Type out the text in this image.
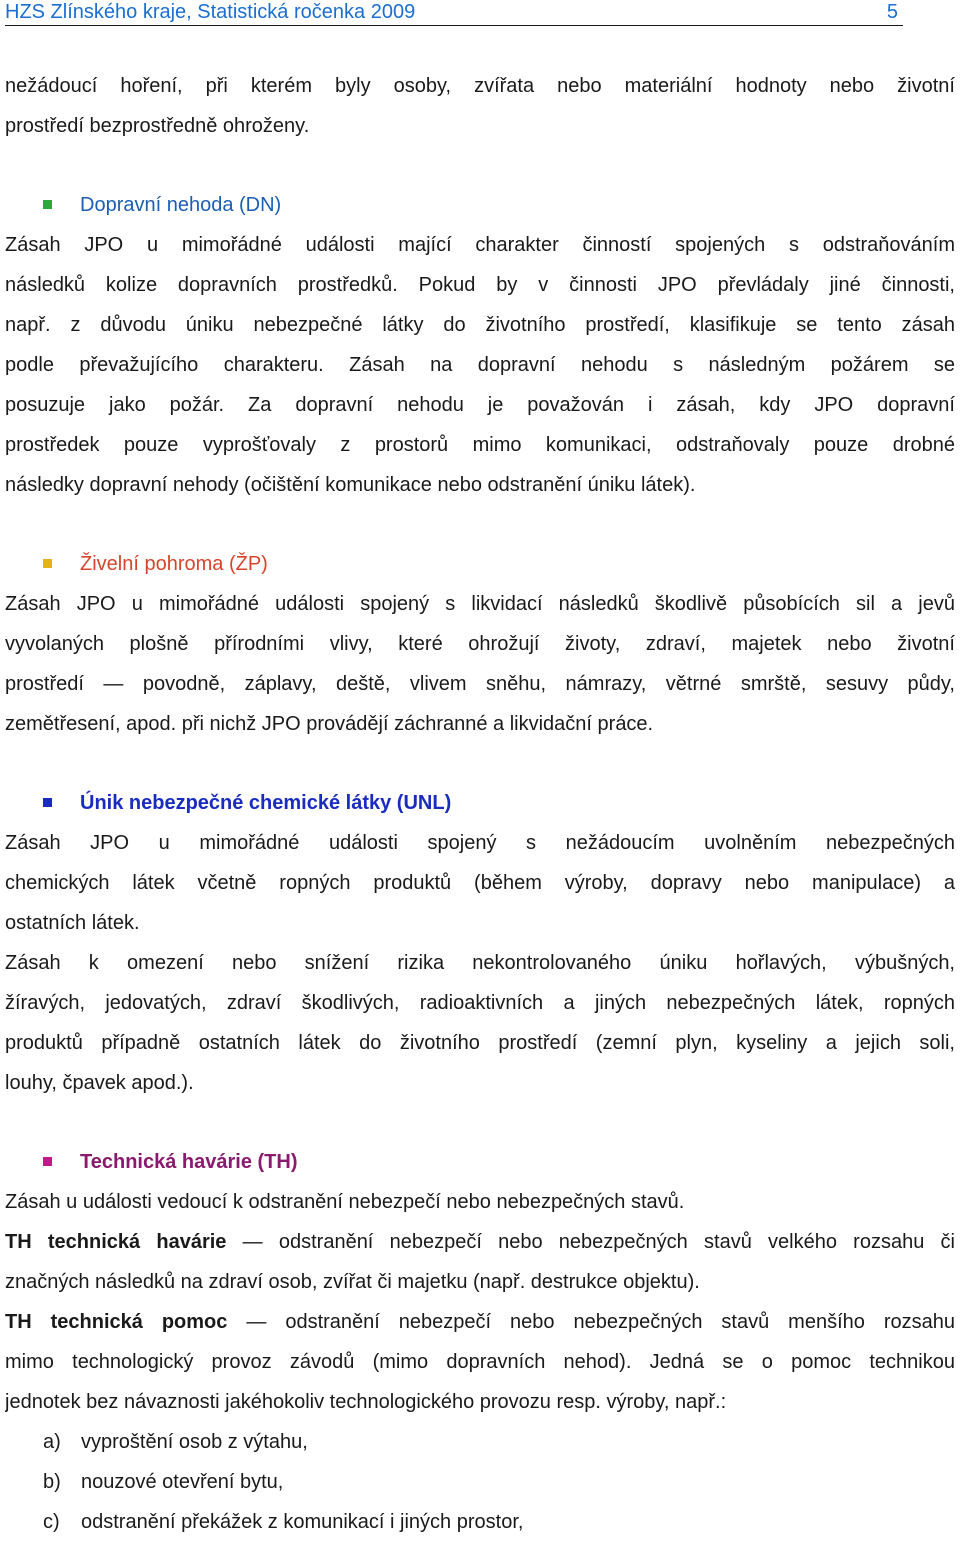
HZS Zlínského kraje, Statistická ročenka 2009	5
nežádoucí hoření, při kterém byly osoby, zvířata nebo materiální hodnoty nebo životní
prostředí bezprostředně ohroženy.
Dopravní nehoda (DN)
Zásah JPO u mimořádné události mající charakter činností spojených s odstraňováním
následků kolize dopravních prostředků. Pokud by v činnosti JPO převládaly jiné činnosti,
např. z důvodu úniku nebezpečné látky do životního prostředí, klasifikuje se tento zásah
podle převažujícího charakteru. Zásah na dopravní nehodu s následným požárem se
posuzuje jako požár. Za dopravní nehodu je považován i zásah, kdy JPO dopravní
prostředek pouze vyprošťovaly z prostorů mimo komunikaci, odstraňovaly pouze drobné
následky dopravní nehody (očištění komunikace nebo odstranění úniku látek).
Živelní pohroma (ŽP)
Zásah JPO u mimořádné události spojený s likvidací následků škodlivě působících sil a jevů
vyvolaných plošně přírodními vlivy, které ohrožují životy, zdraví, majetek nebo životní
prostředí — povodně, záplavy, deště, vlivem sněhu, námrazy, větrné smrště, sesuvy půdy,
zemětřesení, apod. při nichž JPO provádějí záchranné a likvidační práce.
Únik nebezpečné chemické látky (UNL)
Zásah JPO u mimořádné události spojený s nežádoucím uvolněním nebezpečných
chemických látek včetně ropných produktů (během výroby, dopravy nebo manipulace) a
ostatních látek.
Zásah k omezení nebo snížení rizika nekontrolovaného úniku hořlavých, výbušných,
žíravých, jedovatých, zdraví škodlivých, radioaktivních a jiných nebezpečných látek, ropných
produktů případně ostatních látek do životního prostředí (zemní plyn, kyseliny a jejich soli,
louhy, čpavek apod.).
Technická havárie (TH)
Zásah u události vedoucí k odstranění nebezpečí nebo nebezpečných stavů.
TH technická havárie — odstranění nebezpečí nebo nebezpečných stavů velkého rozsahu či
značných následků na zdraví osob, zvířat či majetku (např. destrukce objektu).
TH technická pomoc — odstranění nebezpečí nebo nebezpečných stavů menšího rozsahu
mimo technologický provoz závodů (mimo dopravních nehod). Jedná se o pomoc technikou
jednotek bez návaznosti jakéhokoliv technologického provozu resp. výroby, např.:
a) vyproštění osob z výtahu,
b) nouzové otevření bytu,
c) odstranění překážek z komunikací i jiných prostor,
